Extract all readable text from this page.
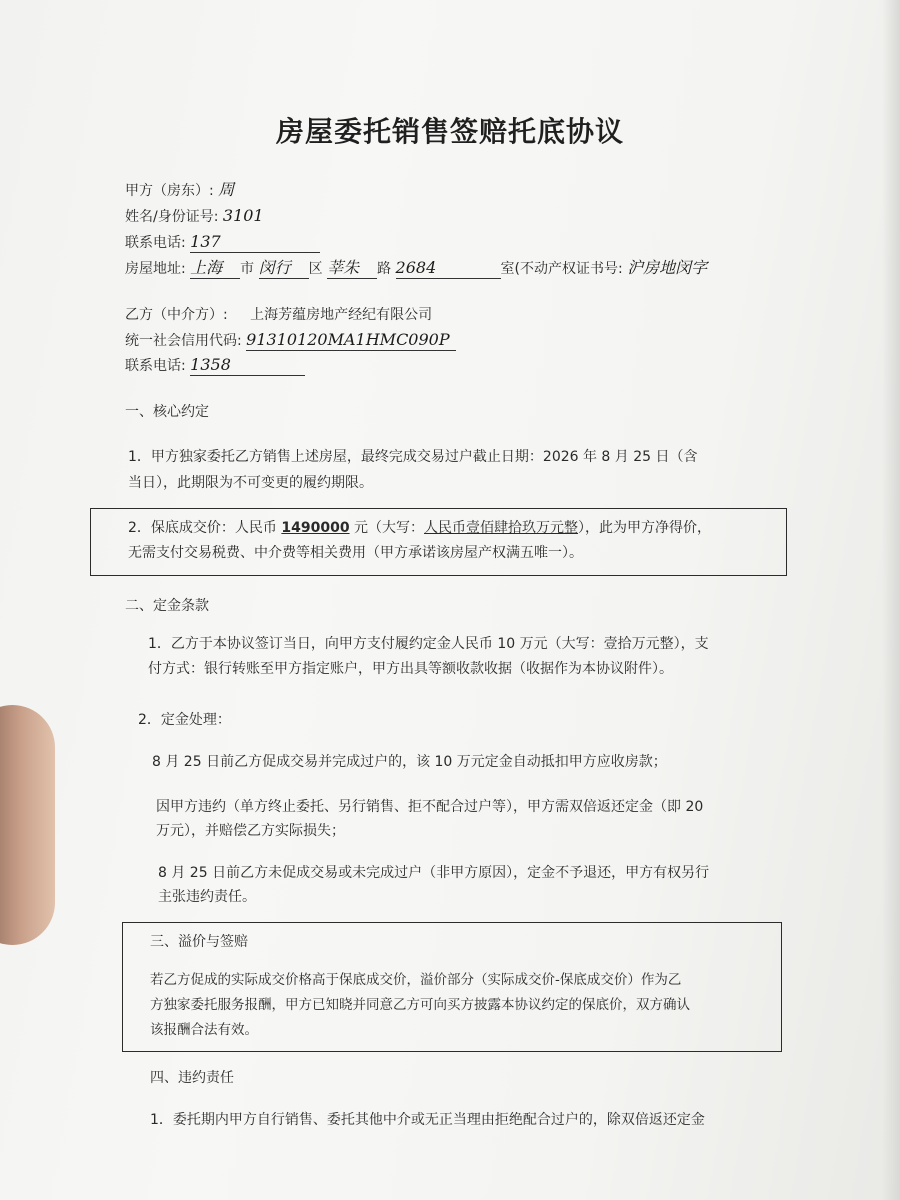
房屋委托销售签赔托底协议
甲方（房东）: 周
姓名/身份证号: 3101
联系电话: 137
房屋地址: 上海 市 闵行 区 莘朱 路 2684	室(不动产权证书号: 沪房地闵字
乙方（中介方）: 上海芳蕴房地产经纪有限公司
统一社会信用代码: 91310120MA1HMC090P
联系电话: 1358
一、核心约定
1．甲方独家委托乙方销售上述房屋，最终完成交易过户截止日期：2026 年 8 月 25 日（含
当日），此期限为不可变更的履约期限。
2．保底成交价：人民币 1490000 元（大写：人民币壹佰肆拾玖万元整），此为甲方净得价，
无需支付交易税费、中介费等相关费用（甲方承诺该房屋产权满五唯一）。
二、定金条款
1．乙方于本协议签订当日，向甲方支付履约定金人民币 10 万元（大写：壹拾万元整），支
付方式：银行转账至甲方指定账户，甲方出具等额收款收据（收据作为本协议附件）。
2．定金处理：
8 月 25 日前乙方促成交易并完成过户的，该 10 万元定金自动抵扣甲方应收房款；
因甲方违约（单方终止委托、另行销售、拒不配合过户等），甲方需双倍返还定金（即 20
万元），并赔偿乙方实际损失；
8 月 25 日前乙方未促成交易或未完成过户（非甲方原因），定金不予退还，甲方有权另行
主张违约责任。
三、溢价与签赔
若乙方促成的实际成交价格高于保底成交价，溢价部分（实际成交价-保底成交价）作为乙
方独家委托服务报酬，甲方已知晓并同意乙方可向买方披露本协议约定的保底价，双方确认
该报酬合法有效。
四、违约责任
1．委托期内甲方自行销售、委托其他中介或无正当理由拒绝配合过户的，除双倍返还定金
